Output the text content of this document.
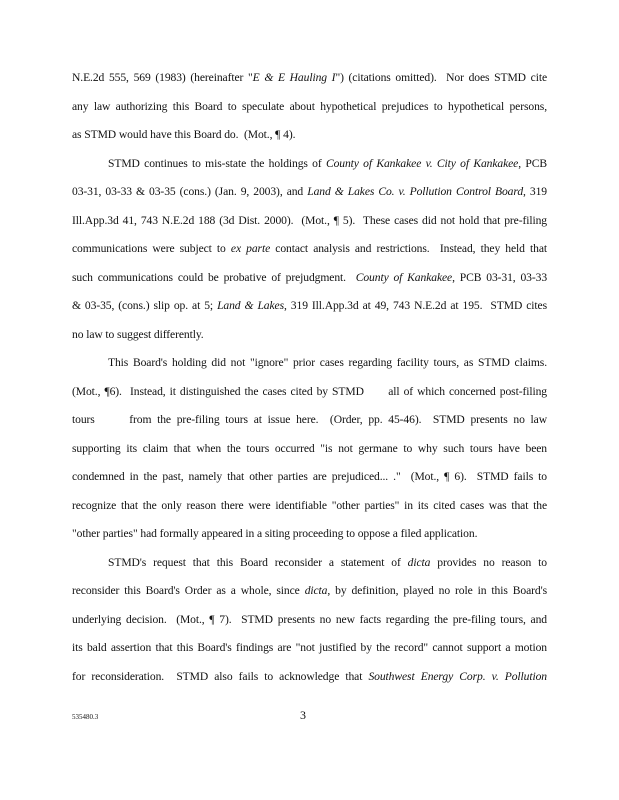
N.E.2d 555, 569 (1983) (hereinafter "E & E Hauling I") (citations omitted).  Nor does STMD cite
any law authorizing this Board to speculate about hypothetical prejudices to hypothetical persons,
as STMD would have this Board do.  (Mot., ¶ 4).
STMD continues to mis-state the holdings of County of Kankakee v. City of Kankakee, PCB
03-31, 03-33 & 03-35 (cons.) (Jan. 9, 2003), and Land & Lakes Co. v. Pollution Control Board, 319
Ill.App.3d 41, 743 N.E.2d 188 (3d Dist. 2000).  (Mot., ¶ 5).  These cases did not hold that pre-filing
communications were subject to ex parte contact analysis and restrictions.  Instead, they held that
such communications could be probative of prejudgment.  County of Kankakee, PCB 03-31, 03-33
& 03-35, (cons.) slip op. at 5; Land & Lakes, 319 Ill.App.3d at 49, 743 N.E.2d at 195.  STMD cites
no law to suggest differently.
This Board's holding did not "ignore" prior cases regarding facility tours, as STMD claims.
(Mot., ¶6).  Instead, it distinguished the cases cited by STMD      all of which concerned post-filing
tours      from the pre-filing tours at issue here.  (Order, pp. 45-46).  STMD presents no law
supporting its claim that when the tours occurred "is not germane to why such tours have been
condemned in the past, namely that other parties are prejudiced... ."  (Mot., ¶ 6).  STMD fails to
recognize that the only reason there were identifiable "other parties" in its cited cases was that the
"other parties" had formally appeared in a siting proceeding to oppose a filed application.
STMD's request that this Board reconsider a statement of dicta provides no reason to
reconsider this Board's Order as a whole, since dicta, by definition, played no role in this Board's
underlying decision.  (Mot., ¶ 7).  STMD presents no new facts regarding the pre-filing tours, and
its bald assertion that this Board's findings are "not justified by the record" cannot support a motion
for reconsideration.  STMD also fails to acknowledge that Southwest Energy Corp. v. Pollution
535480.3	3
